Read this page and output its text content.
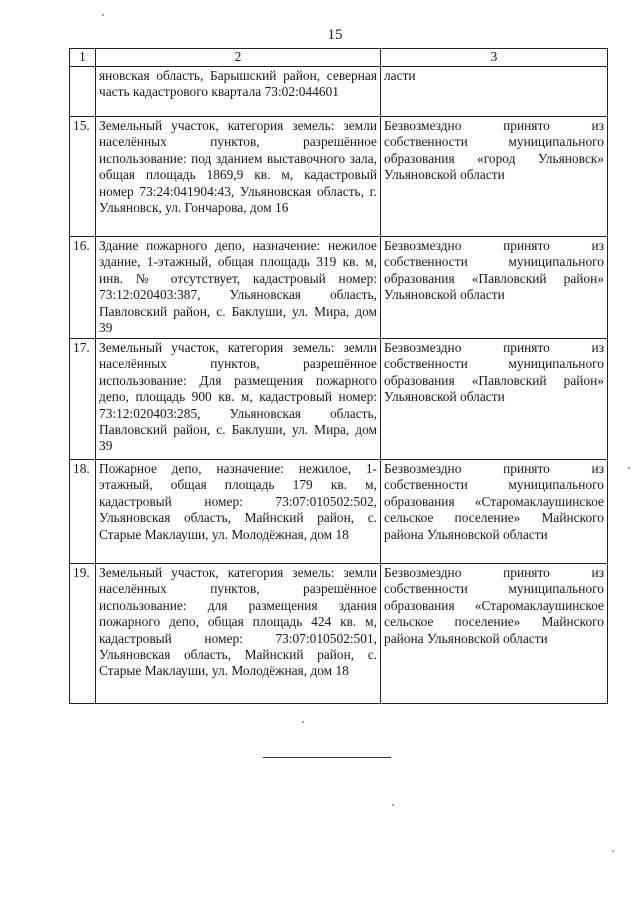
15
1	2	3
	яновская область, Барышский район, северная часть кадастрового квартала 73:02:044601	ласти
15.	Земельный участок, категория земель: земли населённых пунктов, разрешённое использование: под зданием выставочного зала, общая площадь 1869,9 кв. м, кадастровый номер 73:24:041904:43, Ульяновская область, г. Ульяновск, ул. Гончарова, дом 16	Безвозмездно принято из собственности муниципального образования «город Ульяновск» Ульяновской области
16.	Здание пожарного депо, назначение: нежилое здание, 1-этажный, общая площадь 319 кв. м, инв. № отсутствует, кадастровый номер: 73:12:020403:387, Ульяновская область, Павловский район, с. Баклуши, ул. Мира, дом 39	Безвозмездно принято из собственности муниципального образования «Павловский район» Ульяновской области
17.	Земельный участок, категория земель: земли населённых пунктов, разрешённое использование: Для размещения пожарного депо, площадь 900 кв. м, кадастровый номер: 73:12:020403:285, Ульяновская область, Павловский район, с. Баклуши, ул. Мира, дом 39	Безвозмездно принято из собственности муниципального образования «Павловский район» Ульяновской области
18.	Пожарное депо, назначение: нежилое, 1-этажный, общая площадь 179 кв. м, кадастровый номер: 73:07:010502:502, Ульяновская область, Майнский район, с. Старые Маклауши, ул. Молодёжная, дом 18	Безвозмездно принято из собственности муниципального образования «Старомаклаушинское сельское поселение» Майнского района Ульяновской области
19.	Земельный участок, категория земель: земли населённых пунктов, разрешённое использование: для размещения здания пожарного депо, общая площадь 424 кв. м, кадастровый номер: 73:07:010502:501, Ульяновская область, Майнский район, с. Старые Маклауши, ул. Молодёжная, дом 18	Безвозмездно принято из собственности муниципального образования «Старомаклаушинское сельское поселение» Майнского района Ульяновской области
